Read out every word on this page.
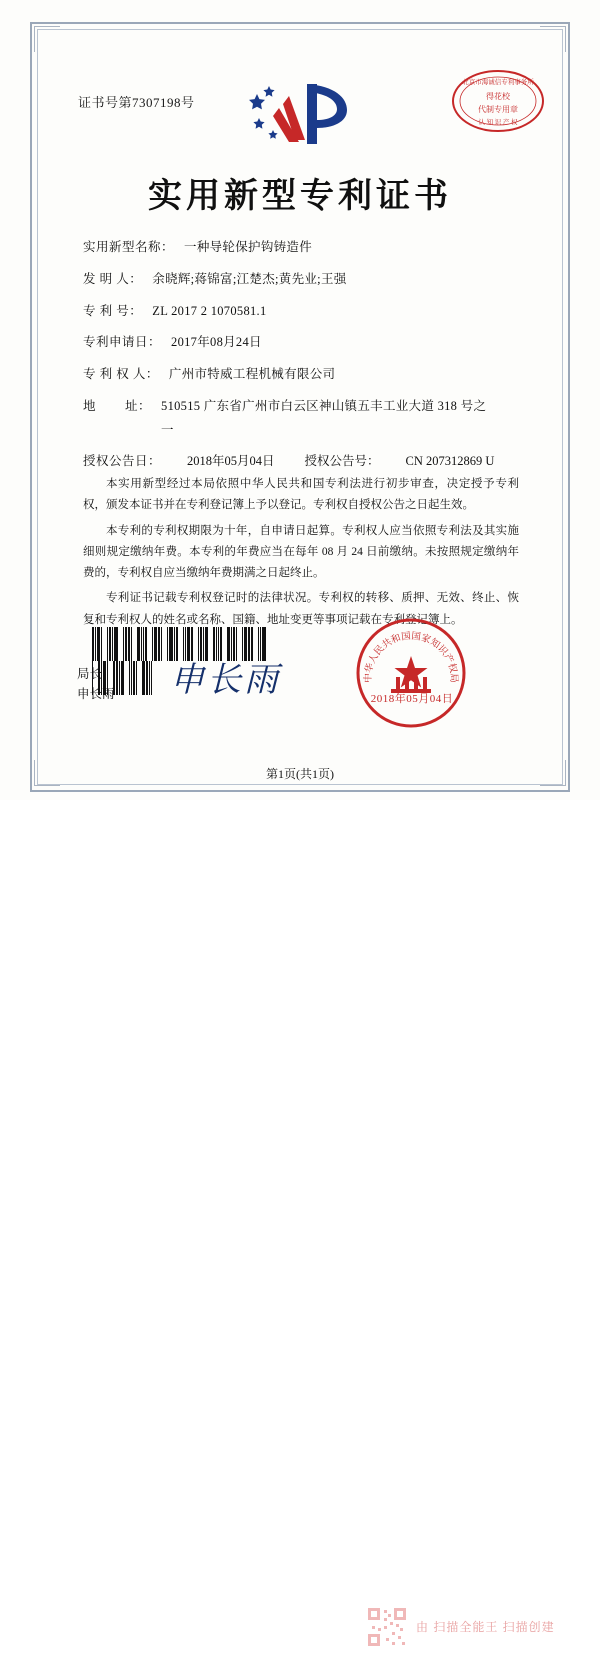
证书号第7307198号
北京市海诚信专利事务所
得花校
代制专用章
认 知 识 产 权
实用新型专利证书
实用新型名称： 一种导轮保护钩铸造件
发 明 人： 余晓辉;蒋锦富;江楚杰;黄先业;王强
专 利 号： ZL 2017 2 1070581.1
专利申请日： 2017年08月24日
专 利 权 人： 广州市特威工程机械有限公司
地        址： 510515 广东省广州市白云区神山镇五丰工业大道 318 号之
一
授权公告日：	2018年05月04日	授权公告号：	CN 207312869 U

本实用新型经过本局依照中华人民共和国专利法进行初步审查，决定授予专利权，颁发本证书并在专利登记簿上予以登记。专利权自授权公告之日起生效。

本专利的专利权期限为十年，自申请日起算。专利权人应当依照专利法及其实施细则规定缴纳年费。本专利的年费应当在每年 08 月 24 日前缴纳。未按照规定缴纳年费的，专利权自应当缴纳年费期满之日起终止。

专利证书记载专利权登记时的法律状况。专利权的转移、质押、无效、终止、恢复和专利权人的姓名或名称、国籍、地址变更等事项记载在专利登记簿上。

局长
申长雨 申长雨	中华人民共和国国家知识产权局
2018年05月04日
第1页(共1页)
由 扫描全能王 扫描创建
